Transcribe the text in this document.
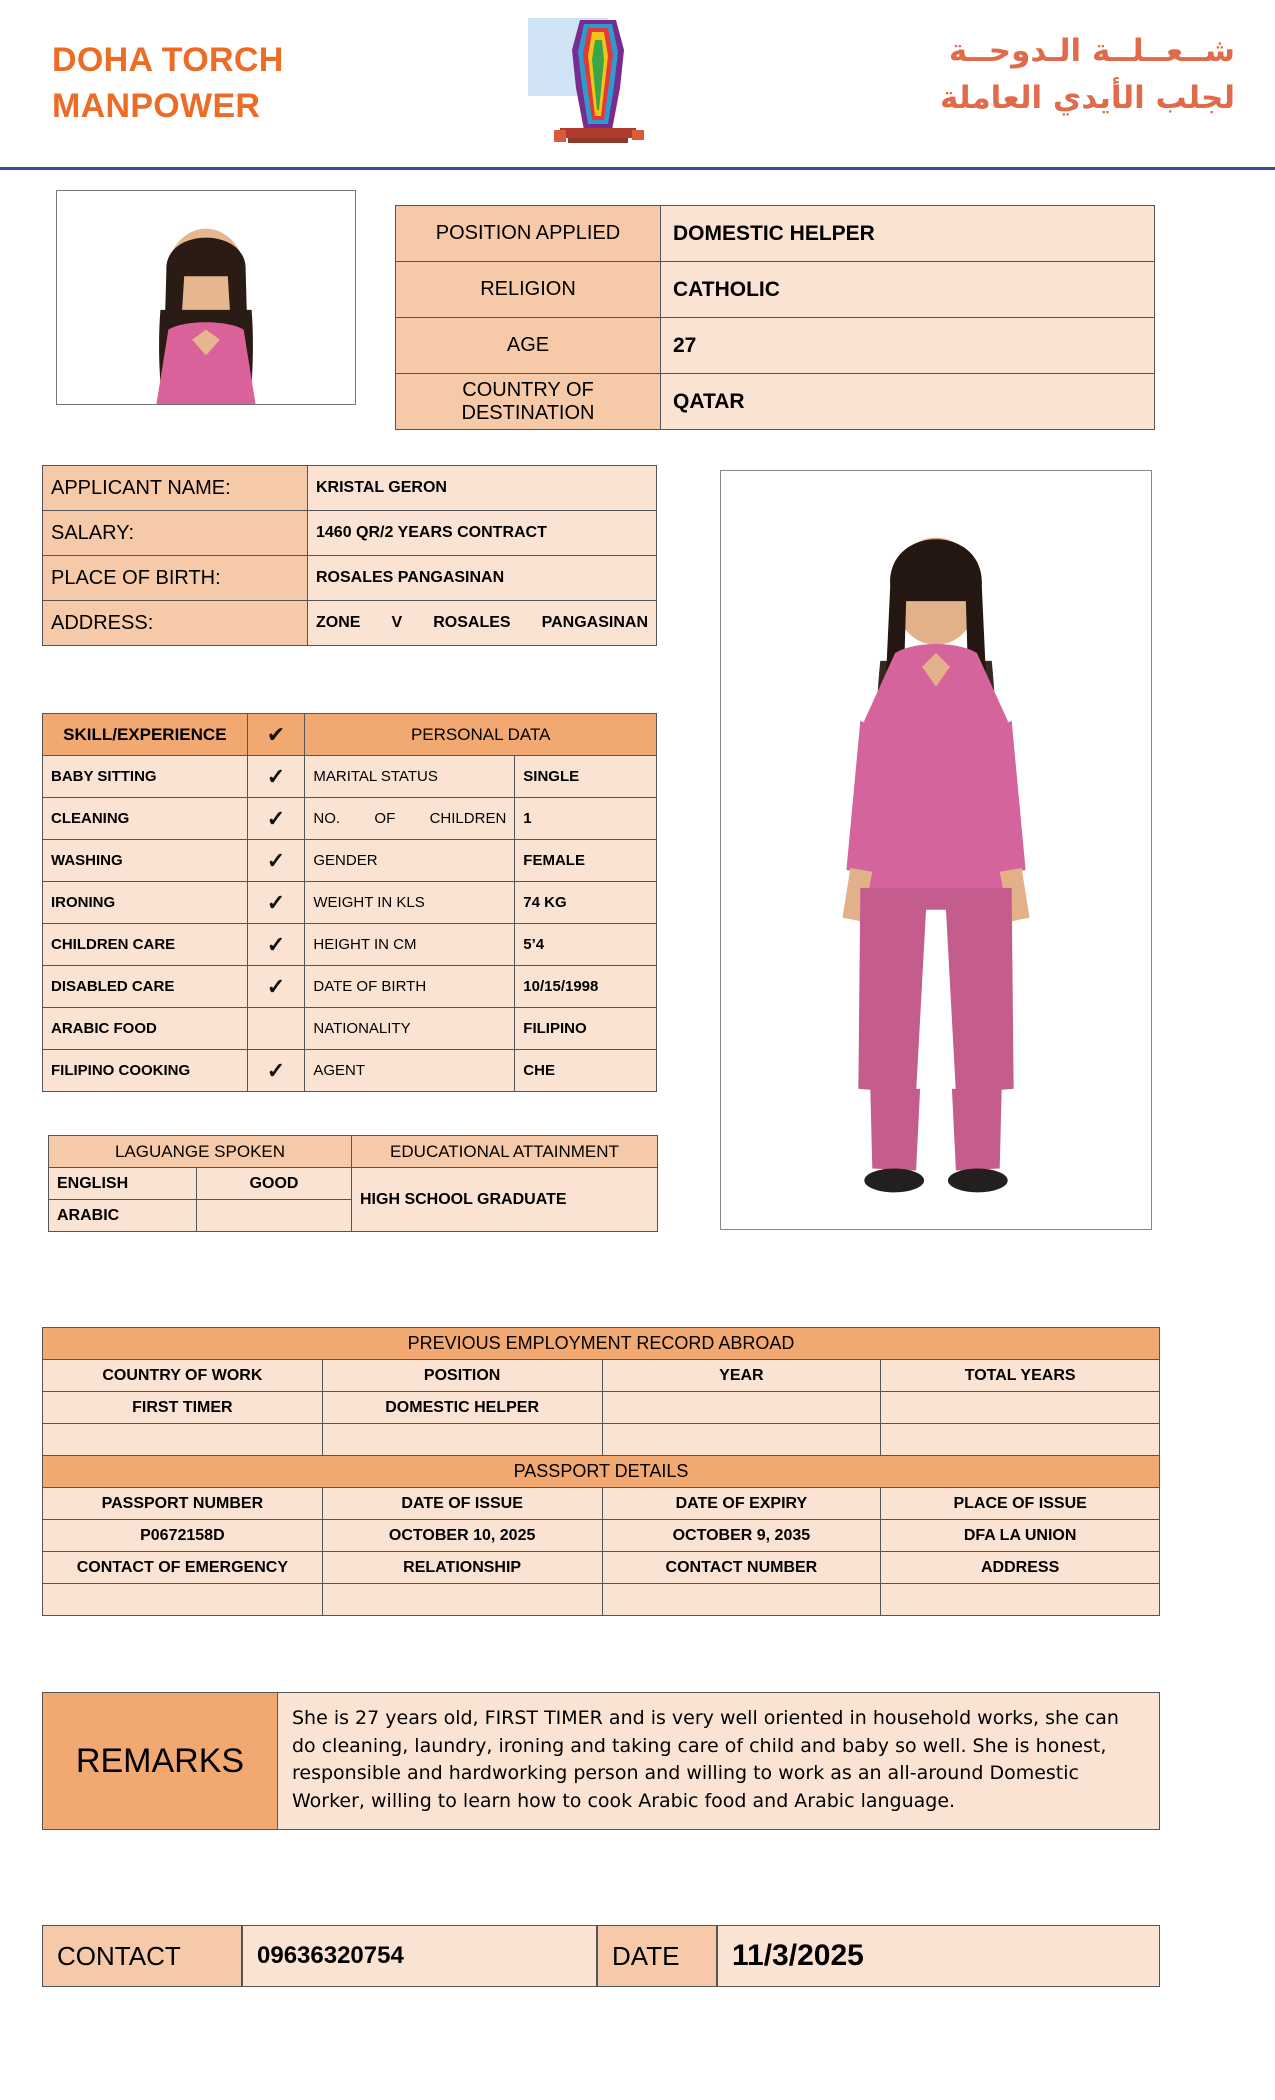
DOHA TORCH
MANPOWER
شــعــلــة الـدوحــة
لجلب الأيدي العاملة
POSITION APPLIED	DOMESTIC HELPER
RELIGION	CATHOLIC
AGE	27
COUNTRY OF DESTINATION	QATAR
APPLICANT NAME:	KRISTAL GERON
SALARY:	1460 QR/2 YEARS CONTRACT
PLACE OF BIRTH:	ROSALES PANGASINAN
ADDRESS:	ZONE V ROSALES PANGASINAN
SKILL/EXPERIENCE	✔	PERSONAL DATA	
BABY SITTING	✓	MARITAL STATUS	SINGLE
CLEANING	✓	NO. OF CHILDREN	1
WASHING	✓	GENDER	FEMALE
IRONING	✓	WEIGHT IN KLS	74 KG
CHILDREN CARE	✓	HEIGHT IN CM	5’4
DISABLED CARE	✓	DATE OF BIRTH	10/15/1998
ARABIC FOOD		NATIONALITY	FILIPINO
FILIPINO COOKING	✓	AGENT	CHE
LAGUANGE SPOKEN		EDUCATIONAL ATTAINMENT
ENGLISH	GOOD	HIGH SCHOOL GRADUATE
ARABIC		
PREVIOUS EMPLOYMENT RECORD ABROAD			
COUNTRY OF WORK	POSITION	YEAR	TOTAL YEARS
FIRST TIMER	DOMESTIC HELPER		

PASSPORT DETAILS			
PASSPORT NUMBER	DATE OF ISSUE	DATE OF EXPIRY	PLACE OF ISSUE
P0672158D	OCTOBER 10, 2025	OCTOBER 9, 2035	DFA LA UNION
CONTACT OF EMERGENCY	RELATIONSHIP	CONTACT NUMBER	ADDRESS

REMARKS
She is 27 years old, FIRST TIMER and is very well oriented in household works, she can do cleaning, laundry, ironing and taking care of child and baby so well. She is honest, responsible and hardworking person and willing to work as an all-around Domestic Worker, willing to learn how to cook Arabic food and Arabic language.
CONTACT	09636320754	DATE	11/3/2025
